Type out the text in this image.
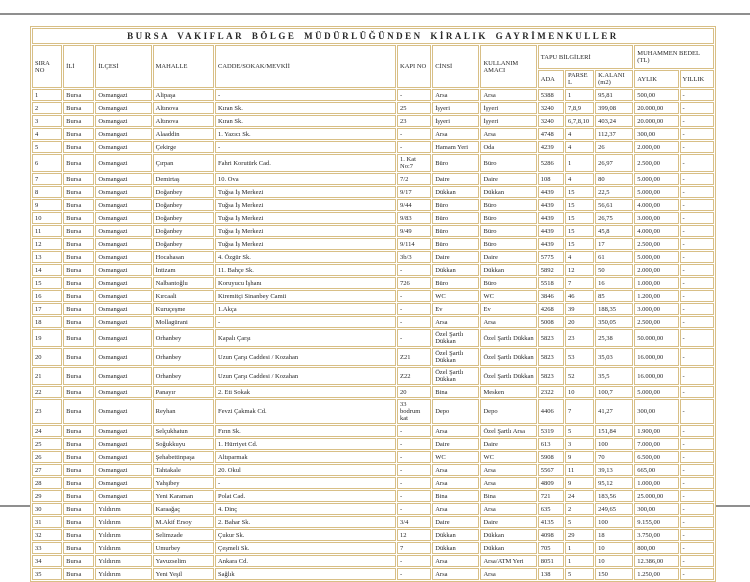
BURSA VAKIFLAR BÖLGE MÜDÜRLÜĞÜNDEN KİRALIK GAYRİMENKULLER												
SIRA NO	İLİ	İLÇESİ	MAHALLE	CADDE/SOKAK/MEVKİİ	KAPI NO	CİNSİ	KULLANIM AMACI	TAPU BİLGİLERİ			MUHAMMEN BEDEL (TL)	
								ADA	PARSEL	K.ALANI (m2)	AYLIK	YILLIK
1	Bursa	Osmangazi	Alipaşa	-	-	Arsa	Arsa	5388	1	95,81	500,00	-
2	Bursa	Osmangazi	Altınova	Kıran Sk.	25	İşyeri	İşyeri	3240	7,8,9	399,08	20.000,00	-
3	Bursa	Osmangazi	Altınova	Kıran Sk.	23	İşyeri	İşyeri	3240	6,7,8,10	403,24	20.000,00	-
4	Bursa	Osmangazi	Alaaddin	1. Yazıcı Sk.	-	Arsa	Arsa	4748	4	112,37	300,00	-
5	Bursa	Osmangazi	Çekirge	-	-	Hamam Yeri	Oda	4239	4	26	2.000,00	-
6	Bursa	Osmangazi	Çırpan	Fahri Korutürk Cad.	1. Kat No:7	Büro	Büro	5286	1	26,97	2.500,00	-
7	Bursa	Osmangazi	Demirtaş	10. Ova	7/2	Daire	Daire	108	4	80	5.000,00	-
8	Bursa	Osmangazi	Doğanbey	Tuğsa İş Merkezi	9/17	Dükkan	Dükkan	4439	15	22,5	5.000,00	-
9	Bursa	Osmangazi	Doğanbey	Tuğsa İş Merkezi	9/44	Büro	Büro	4439	15	56,61	4.000,00	-
10	Bursa	Osmangazi	Doğanbey	Tuğsa İş Merkezi	9/83	Büro	Büro	4439	15	26,75	3.000,00	-
11	Bursa	Osmangazi	Doğanbey	Tuğsa İş Merkezi	9/49	Büro	Büro	4439	15	45,8	4.000,00	-
12	Bursa	Osmangazi	Doğanbey	Tuğsa İş Merkezi	9/114	Büro	Büro	4439	15	17	2.500,00	-
13	Bursa	Osmangazi	Hocahasan	4. Özgür Sk.	3b/3	Daire	Daire	5775	4	61	5.000,00	-
14	Bursa	Osmangazi	İntizam	11. Bahçe Sk.	-	Dükkan	Dükkan	5892	12	50	2.000,00	-
15	Bursa	Osmangazi	Nalbantoğlu	Koruyucu İşhanı	726	Büro	Büro	5518	7	16	1.000,00	-
16	Bursa	Osmangazi	Kırcaali	Kiremitçi Sinanbey Camii	-	WC	WC	3846	46	85	1.200,00	-
17	Bursa	Osmangazi	Kuruçeşme	1.Akça	-	Ev	Ev	4268	39	188,35	3.000,00	-
18	Bursa	Osmangazi	Mollagürani	-	-	Arsa	Arsa	5008	20	350,05	2.500,00	-
19	Bursa	Osmangazi	Orhanbey	Kapalı Çarşı	-	Özel Şartlı Dükkan	Özel Şartlı Dükkan	5823	23	25,38	50.000,00	-
20	Bursa	Osmangazi	Orhanbey	Uzun Çarşı Caddesi / Kozahan	Z21	Özel Şartlı Dükkan	Özel Şartlı Dükkan	5823	53	35,03	16.000,00	-
21	Bursa	Osmangazi	Orhanbey	Uzun Çarşı Caddesi / Kozahan	Z22	Özel Şartlı Dükkan	Özel Şartlı Dükkan	5823	52	35,5	16.000,00	-
22	Bursa	Osmangazi	Panayır	2. Eti Sokak	20	Bina	Mesken	2322	10	100,7	5.000,00	-
23	Bursa	Osmangazi	Reyhan	Fevzi Çakmak Cd.	33 bodrum kat	Depo	Depo	4406	7	41,27	300,00	-
24	Bursa	Osmangazi	Selçukhatun	Fırın Sk.	-	Arsa	Özel Şartlı Arsa	5319	5	151,84	1.900,00	-
25	Bursa	Osmangazi	Soğukkuyu	1. Hürriyet Cd.	-	Daire	Daire	613	3	100	7.000,00	-
26	Bursa	Osmangazi	Şehabettinpaşa	Altıparmak	-	WC	WC	5908	9	70	6.500,00	-
27	Bursa	Osmangazi	Tahtakale	20. Okul	-	Arsa	Arsa	5567	11	39,13	665,00	-
28	Bursa	Osmangazi	Yahşibey	-	-	Arsa	Arsa	4809	9	95,12	1.000,00	-
29	Bursa	Osmangazi	Yeni Karaman	Polat Cad.	-	Bina	Bina	721	24	183,56	25.000,00	-
30	Bursa	Yıldırım	Karaağaç	4. Dinç	-	Arsa	Arsa	635	2	249,65	300,00	-
31	Bursa	Yıldırım	M.Akif Ersoy	2. Bahar Sk.	3/4	Daire	Daire	4135	5	100	9.155,00	-
32	Bursa	Yıldırım	Selimzade	Çukur Sk.	12	Dükkan	Dükkan	4098	29	18	3.750,00	-
33	Bursa	Yıldırım	Umurbey	Çeşmeli Sk.	7	Dükkan	Dükkan	705	1	10	800,00	-
34	Bursa	Yıldırım	Yavuzselim	Ankara Cd.	-	Arsa	Arsa/ATM Yeri	8051	1	10	12.386,00	-
35	Bursa	Yıldırım	Yeni Yeşil	Sağlık	-	Arsa	Arsa	138	5	150	1.250,00	-
